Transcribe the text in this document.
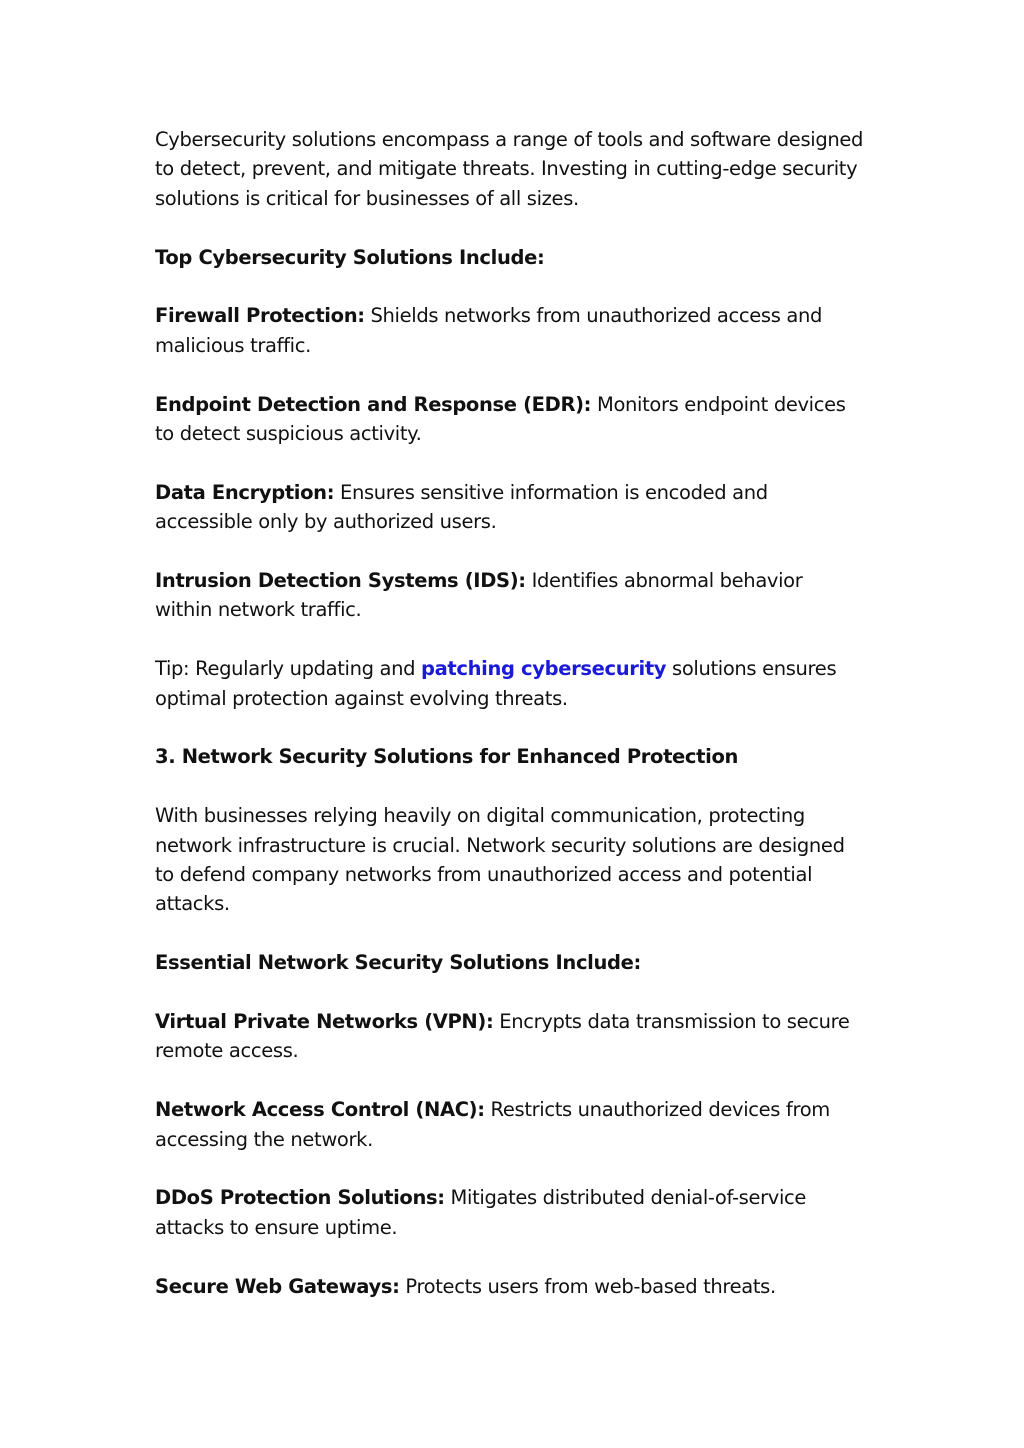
Cybersecurity solutions encompass a range of tools and software designed to detect, prevent, and mitigate threats. Investing in cutting-edge security solutions is critical for businesses of all sizes.

Top Cybersecurity Solutions Include:

Firewall Protection: Shields networks from unauthorized access and malicious traffic.

Endpoint Detection and Response (EDR): Monitors endpoint devices to detect suspicious activity.

Data Encryption: Ensures sensitive information is encoded and accessible only by authorized users.

Intrusion Detection Systems (IDS): Identifies abnormal behavior within network traffic.

Tip: Regularly updating and patching cybersecurity solutions ensures optimal protection against evolving threats.

3. Network Security Solutions for Enhanced Protection

With businesses relying heavily on digital communication, protecting network infrastructure is crucial. Network security solutions are designed to defend company networks from unauthorized access and potential attacks.

Essential Network Security Solutions Include:

Virtual Private Networks (VPN): Encrypts data transmission to secure remote access.

Network Access Control (NAC): Restricts unauthorized devices from accessing the network.

DDoS Protection Solutions: Mitigates distributed denial-of-service attacks to ensure uptime.

Secure Web Gateways: Protects users from web-based threats.
